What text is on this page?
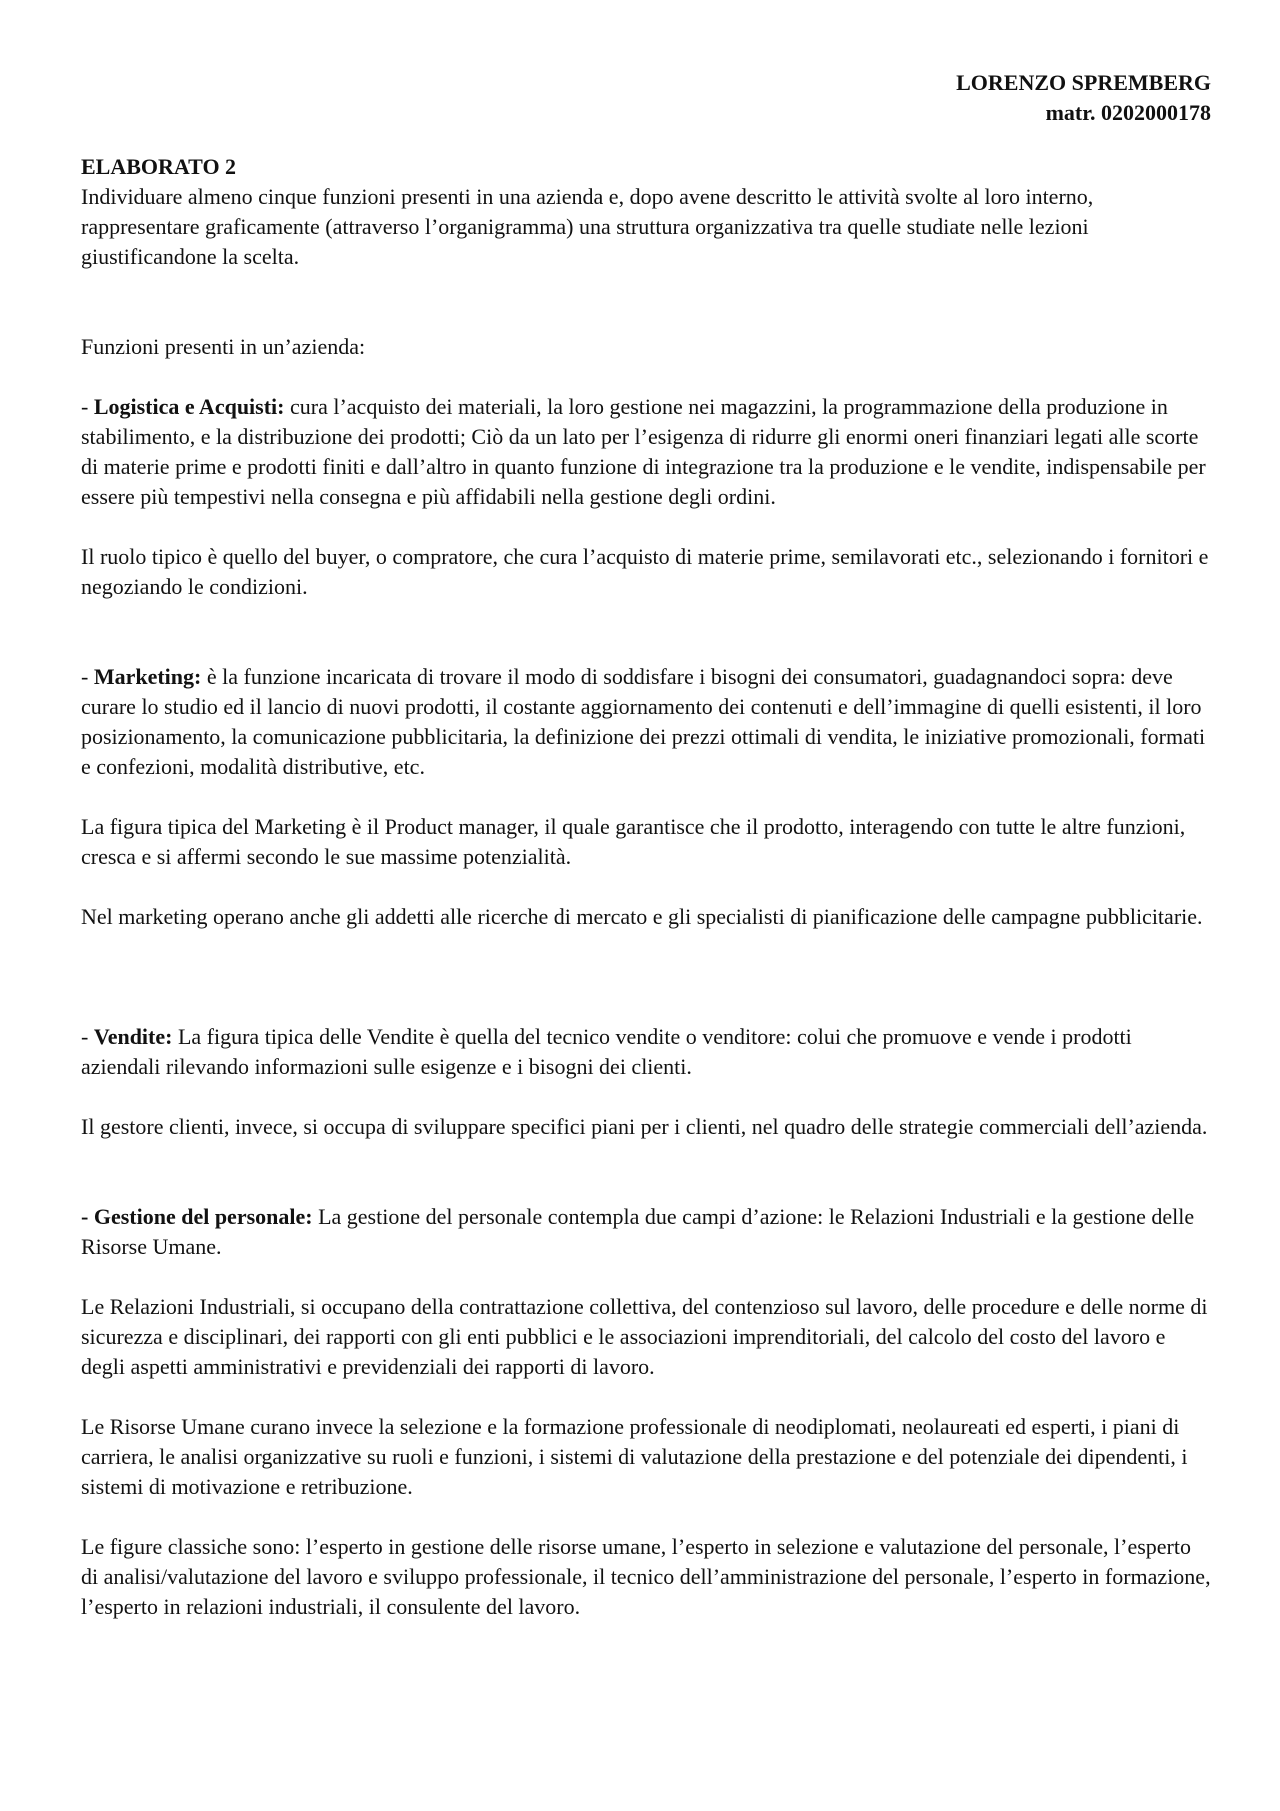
LORENZO SPREMBERG
matr. 0202000178
ELABORATO 2

Individuare almeno cinque funzioni presenti in una azienda e, dopo avene descritto le attività svolte al loro interno, rappresentare graficamente (attraverso l’organigramma) una struttura organizzativa tra quelle studiate nelle lezioni giustificandone la scelta.

Funzioni presenti in un’azienda:

- Logistica e Acquisti: cura l’acquisto dei materiali, la loro gestione nei magazzini, la programmazione della produzione in stabilimento, e la distribuzione dei prodotti; Ciò da un lato per l’esigenza di ridurre gli enormi oneri finanziari legati alle scorte di materie prime e prodotti finiti e dall’altro in quanto funzione di integrazione tra la produzione e le vendite, indispensabile per essere più tempestivi nella consegna e più affidabili nella gestione degli ordini.

Il ruolo tipico è quello del buyer, o compratore, che cura l’acquisto di materie prime, semilavorati etc., selezionando i fornitori e negoziando le condizioni.

- Marketing: è la funzione incaricata di trovare il modo di soddisfare i bisogni dei consumatori, guadagnandoci sopra: deve curare lo studio ed il lancio di nuovi prodotti, il costante aggiornamento dei contenuti e dell’immagine di quelli esistenti, il loro posizionamento, la comunicazione pubblicitaria, la definizione dei prezzi ottimali di vendita, le iniziative promozionali, formati e confezioni, modalità distributive, etc.

La figura tipica del Marketing è il Product manager, il quale garantisce che il prodotto, interagendo con tutte le altre funzioni, cresca e si affermi secondo le sue massime potenzialità.

Nel marketing operano anche gli addetti alle ricerche di mercato e gli specialisti di pianificazione delle campagne pubblicitarie.

- Vendite: La figura tipica delle Vendite è quella del tecnico vendite o venditore: colui che promuove e vende i prodotti aziendali rilevando informazioni sulle esigenze e i bisogni dei clienti.

Il gestore clienti, invece, si occupa di sviluppare specifici piani per i clienti, nel quadro delle strategie commerciali dell’azienda.

- Gestione del personale: La gestione del personale contempla due campi d’azione: le Relazioni Industriali e la gestione delle Risorse Umane.

Le Relazioni Industriali, si occupano della contrattazione collettiva, del contenzioso sul lavoro, delle procedure e delle norme di sicurezza e disciplinari, dei rapporti con gli enti pubblici e le associazioni imprenditoriali, del calcolo del costo del lavoro e degli aspetti amministrativi e previdenziali dei rapporti di lavoro.

Le Risorse Umane curano invece la selezione e la formazione professionale di neodiplomati, neolaureati ed esperti, i piani di carriera, le analisi organizzative su ruoli e funzioni, i sistemi di valutazione della prestazione e del potenziale dei dipendenti, i sistemi di motivazione e retribuzione.

Le figure classiche sono: l’esperto in gestione delle risorse umane, l’esperto in selezione e valutazione del personale, l’esperto di analisi/valutazione del lavoro e sviluppo professionale, il tecnico dell’amministrazione del personale, l’esperto in formazione, l’esperto in relazioni industriali, il consulente del lavoro.
